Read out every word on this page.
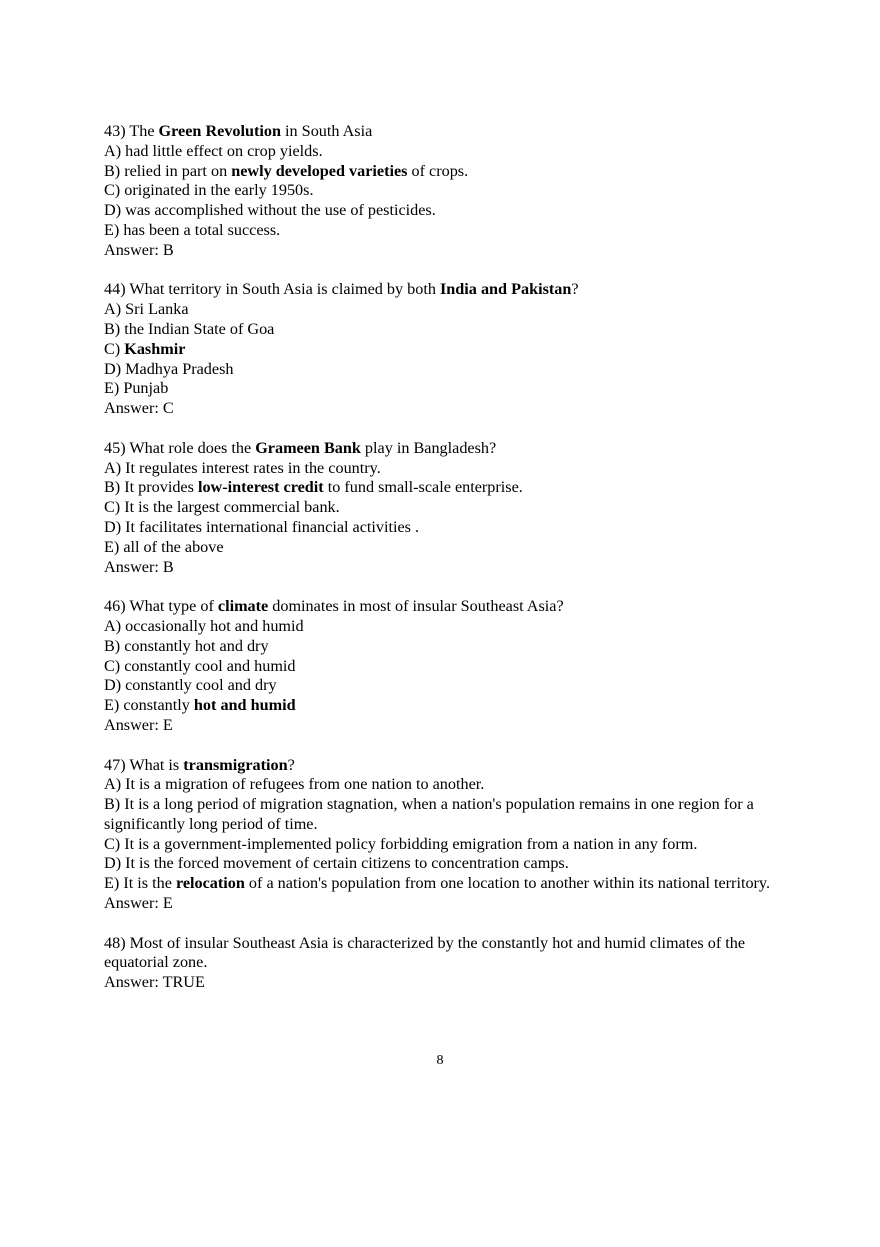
43) The Green Revolution in South Asia
A) had little effect on crop yields.
B) relied in part on newly developed varieties of crops.
C) originated in the early 1950s.
D) was accomplished without the use of pesticides.
E) has been a total success.
Answer: B
44) What territory in South Asia is claimed by both India and Pakistan?
A) Sri Lanka
B) the Indian State of Goa
C) Kashmir
D) Madhya Pradesh
E) Punjab
Answer: C
45) What role does the Grameen Bank play in Bangladesh?
A) It regulates interest rates in the country.
B) It provides low-interest credit to fund small-scale enterprise.
C) It is the largest commercial bank.
D) It facilitates international financial activities .
E) all of the above
Answer: B
46) What type of climate dominates in most of insular Southeast Asia?
A) occasionally hot and humid
B) constantly hot and dry
C) constantly cool and humid
D) constantly cool and dry
E) constantly hot and humid
Answer: E
47) What is transmigration?
A) It is a migration of refugees from one nation to another.
B) It is a long period of migration stagnation, when a nation's population remains in one region for a significantly long period of time.
C) It is a government-implemented policy forbidding emigration from a nation in any form.
D) It is the forced movement of certain citizens to concentration camps.
E) It is the relocation of a nation's population from one location to another within its national territory.
Answer: E
48) Most of insular Southeast Asia is characterized by the constantly hot and humid climates of the equatorial zone.
Answer: TRUE
8
